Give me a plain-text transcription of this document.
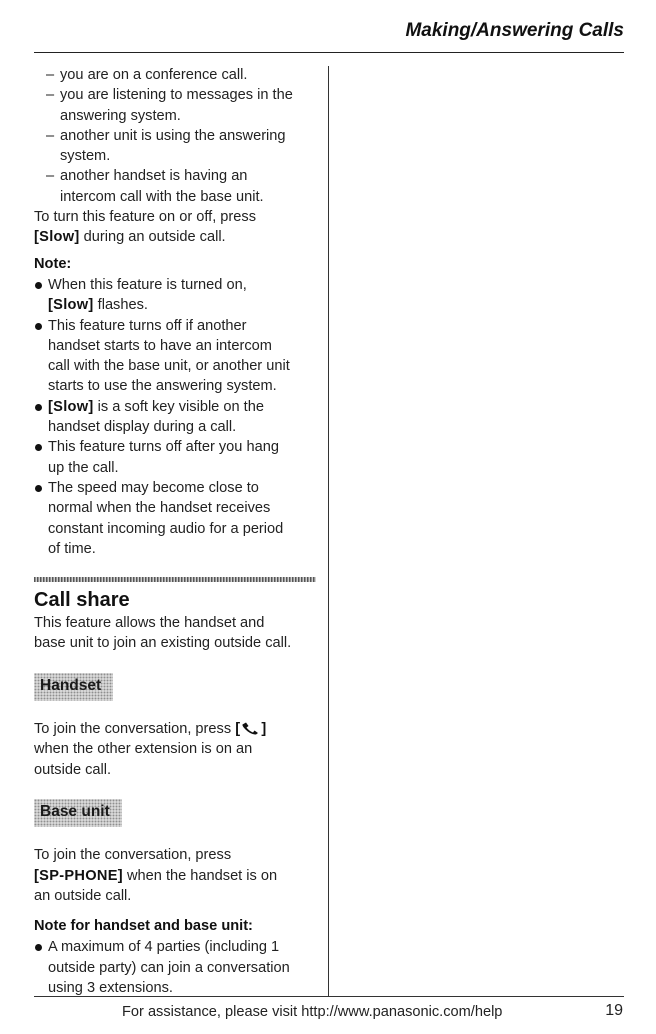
Making/Answering Calls
– you are on a conference call.
– you are listening to messages in the
answering system.
– another unit is using the answering
system.
– another handset is having an
intercom call with the base unit.
To turn this feature on or off, press
[Slow] during an outside call.
Note:
When this feature is turned on,
[Slow] flashes.
This feature turns off if another
handset starts to have an intercom
call with the base unit, or another unit
starts to use the answering system.
[Slow] is a soft key visible on the
handset display during a call.
This feature turns off after you hang
up the call.
The speed may become close to
normal when the handset receives
constant incoming audio for a period
of time.
Call share
This feature allows the handset and
base unit to join an existing outside call.
Handset
To join the conversation, press [ ]
when the other extension is on an
outside call.
Base unit
To join the conversation, press
[SP-PHONE] when the handset is on
an outside call.
Note for handset and base unit:
A maximum of 4 parties (including 1
outside party) can join a conversation
using 3 extensions.
For assistance, please visit http://www.panasonic.com/help	19
